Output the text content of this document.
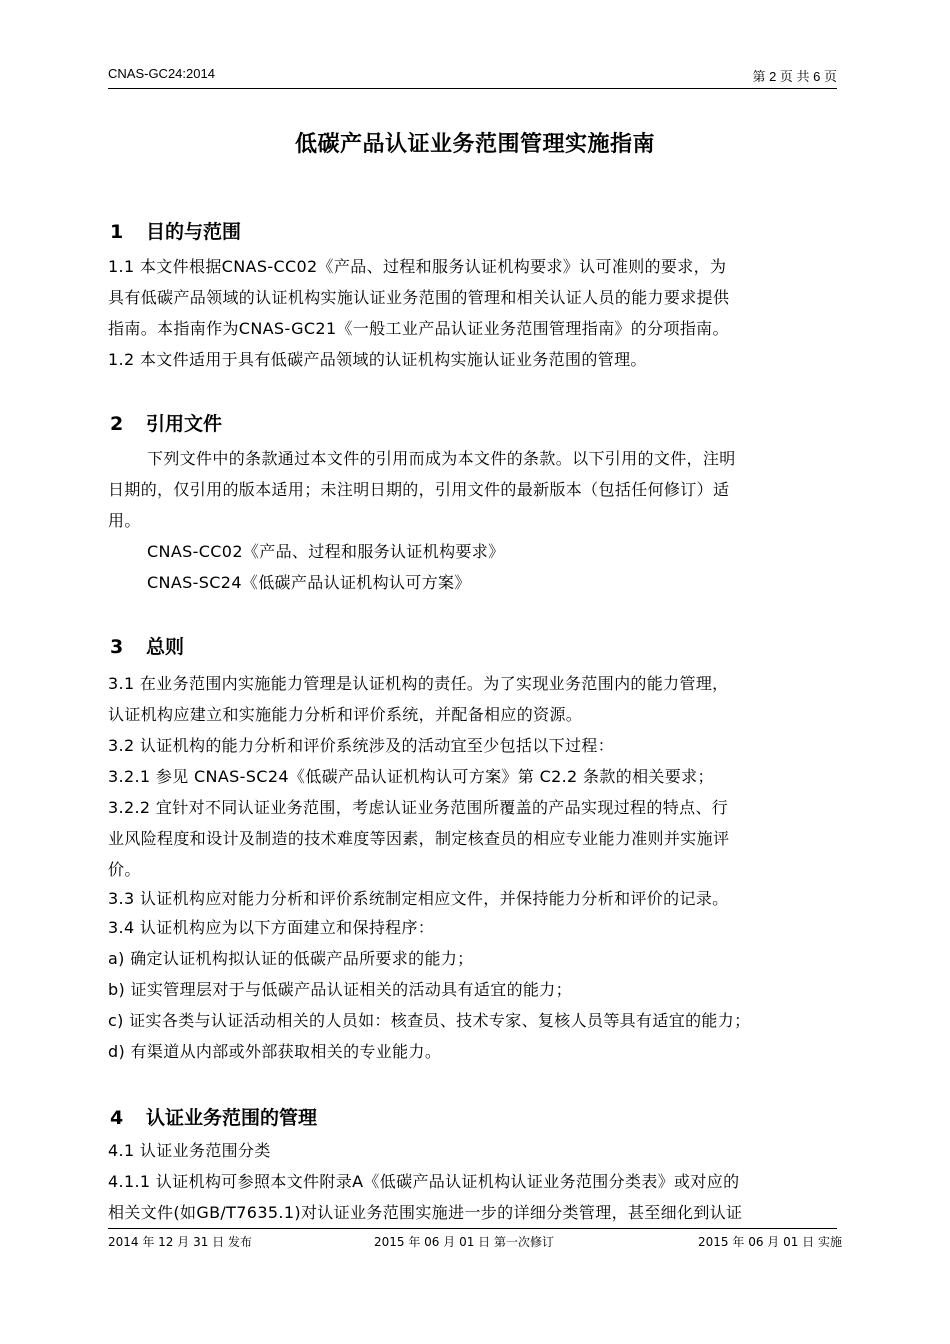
CNAS-GC24:2014	第 2 页 共 6 页
低碳产品认证业务范围管理实施指南
1 目的与范围
1.1 本文件根据CNAS-CC02《产品、过程和服务认证机构要求》认可准则的要求，为
具有低碳产品领域的认证机构实施认证业务范围的管理和相关认证人员的能力要求提供
指南。本指南作为CNAS-GC21《一般工业产品认证业务范围管理指南》的分项指南。
1.2 本文件适用于具有低碳产品领域的认证机构实施认证业务范围的管理。
2 引用文件
下列文件中的条款通过本文件的引用而成为本文件的条款。以下引用的文件，注明
日期的，仅引用的版本适用；未注明日期的，引用文件的最新版本（包括任何修订）适
用。
CNAS-CC02《产品、过程和服务认证机构要求》
CNAS-SC24《低碳产品认证机构认可方案》
3 总则
3.1 在业务范围内实施能力管理是认证机构的责任。为了实现业务范围内的能力管理，
认证机构应建立和实施能力分析和评价系统，并配备相应的资源。
3.2 认证机构的能力分析和评价系统涉及的活动宜至少包括以下过程：
3.2.1 参见 CNAS-SC24《低碳产品认证机构认可方案》第 C2.2 条款的相关要求；
3.2.2 宜针对不同认证业务范围，考虑认证业务范围所覆盖的产品实现过程的特点、行
业风险程度和设计及制造的技术难度等因素，制定核查员的相应专业能力准则并实施评
价。
3.3 认证机构应对能力分析和评价系统制定相应文件，并保持能力分析和评价的记录。
3.4 认证机构应为以下方面建立和保持程序：
a) 确定认证机构拟认证的低碳产品所要求的能力；
b) 证实管理层对于与低碳产品认证相关的活动具有适宜的能力；
c) 证实各类与认证活动相关的人员如：核查员、技术专家、复核人员等具有适宜的能力；
d) 有渠道从内部或外部获取相关的专业能力。
4 认证业务范围的管理
4.1 认证业务范围分类
4.1.1 认证机构可参照本文件附录A《低碳产品认证机构认证业务范围分类表》或对应的
相关文件(如GB/T7635.1)对认证业务范围实施进一步的详细分类管理，甚至细化到认证
2014 年 12 月 31 日 发布	2015 年 06 月 01 日 第一次修订	2015 年 06 月 01 日 实施
